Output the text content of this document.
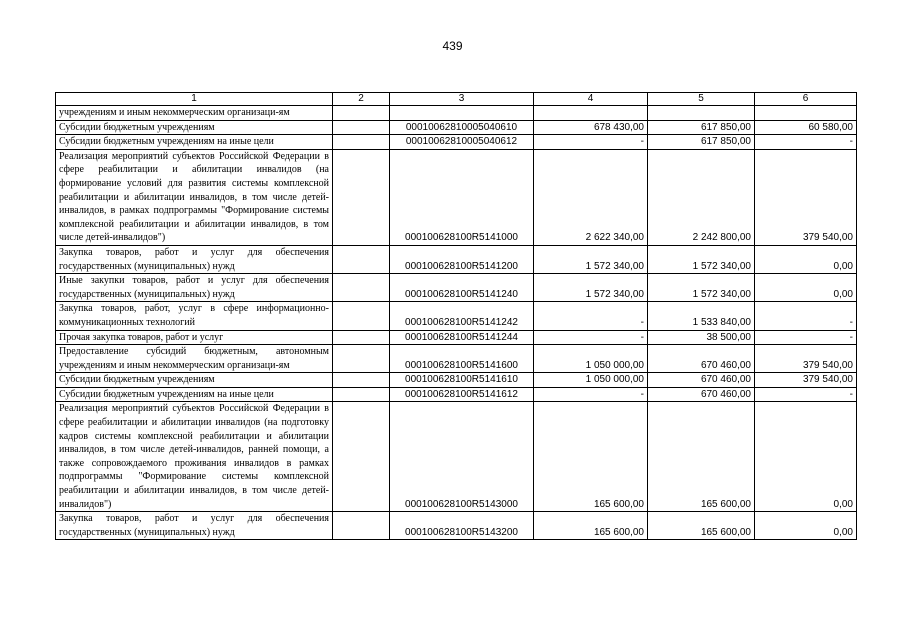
439
1	2	3	4	5	6
учреждениям и иным некоммерческим организаци-ям					
Субсидии бюджетным учреждениям		00010062810005040610	678 430,00	617 850,00	60 580,00
Субсидии бюджетным учреждениям на иные цели		00010062810005040612	-	617 850,00	-
Реализация мероприятий субъектов Российской Федерации в сфере реабилитации и абилитации инвалидов (на формирование условий для развития системы комплексной реабилитации и абилитации инвалидов, в том числе детей-инвалидов, в рамках подпрограммы "Формирование системы комплексной реабилитации и абилитации инвалидов, в том числе детей-инвалидов")		000100628100R5141000	2 622 340,00	2 242 800,00	379 540,00
Закупка товаров, работ и услуг для обеспечения государственных (муниципальных) нужд		000100628100R5141200	1 572 340,00	1 572 340,00	0,00
Иные закупки товаров, работ и услуг для обеспечения государственных (муниципальных) нужд		000100628100R5141240	1 572 340,00	1 572 340,00	0,00
Закупка товаров, работ, услуг в сфере информационно-коммуникационных технологий		000100628100R5141242	-	1 533 840,00	-
Прочая закупка товаров, работ и услуг		000100628100R5141244	-	38 500,00	-
Предоставление субсидий бюджетным, автономным учреждениям и иным некоммерческим организаци-ям		000100628100R5141600	1 050 000,00	670 460,00	379 540,00
Субсидии бюджетным учреждениям		000100628100R5141610	1 050 000,00	670 460,00	379 540,00
Субсидии бюджетным учреждениям на иные цели		000100628100R5141612	-	670 460,00	-
Реализация мероприятий субъектов Российской Федерации в сфере реабилитации и абилитации инвалидов (на подготовку кадров системы комплексной реабилитации и абилитации инвалидов, в том числе детей-инвалидов, ранней помощи, а также сопровождаемого проживания инвалидов в рамках подпрограммы "Формирование системы комплексной реабилитации и абилитации инвалидов, в том числе детей-инвалидов")		000100628100R5143000	165 600,00	165 600,00	0,00
Закупка товаров, работ и услуг для обеспечения государственных (муниципальных) нужд		000100628100R5143200	165 600,00	165 600,00	0,00
